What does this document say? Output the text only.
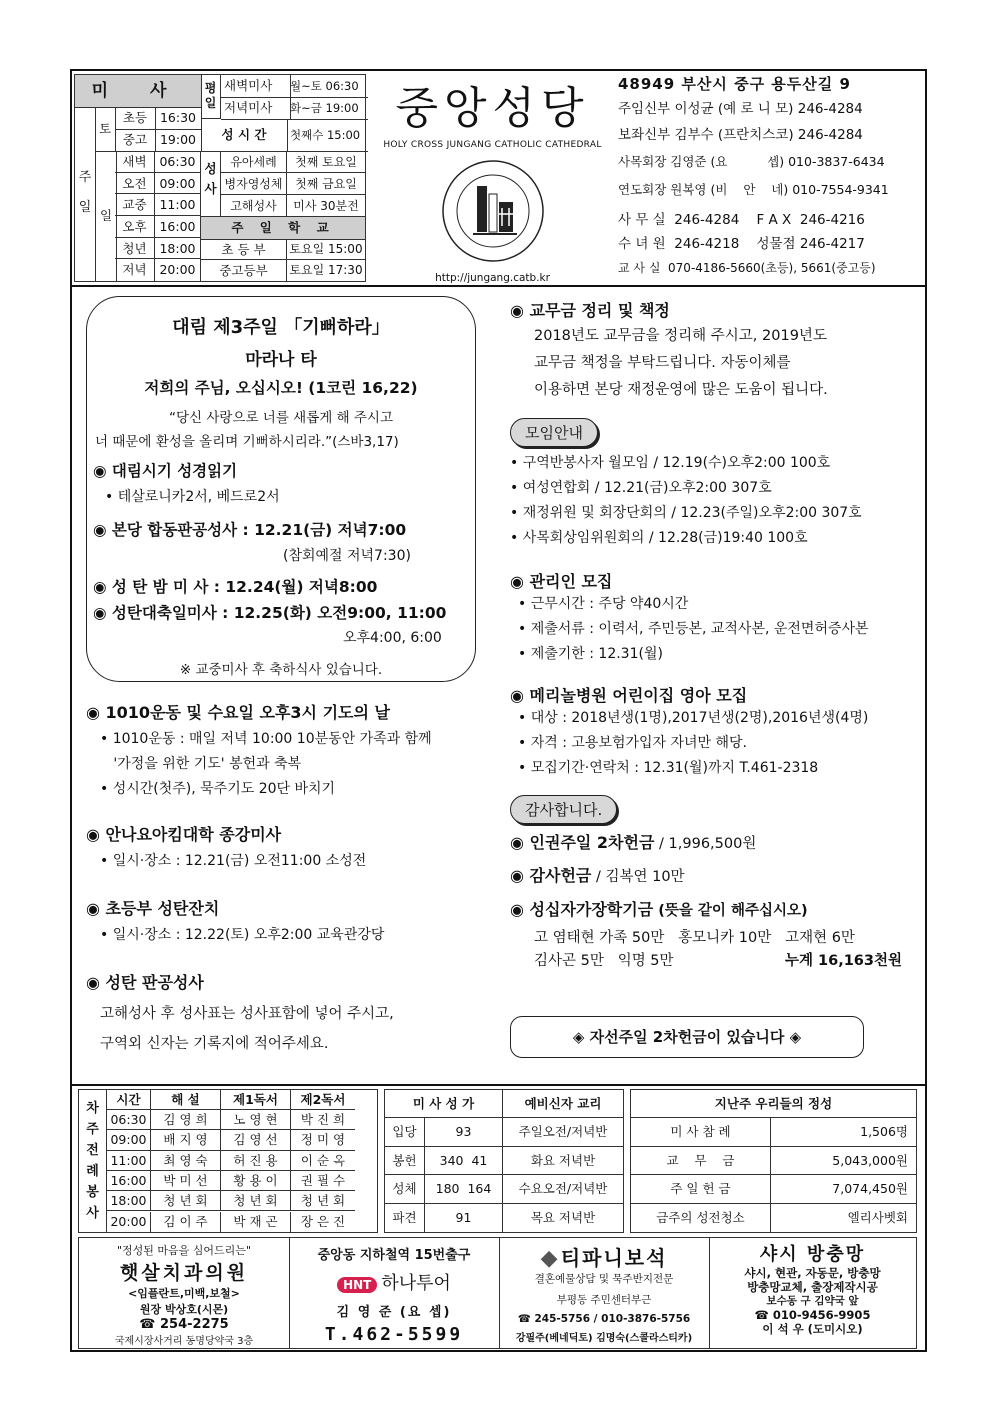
미 사
토
초등	16:30
중고	19:00
주 일
일
평 일
새벽미사	월~토 06:30
저녁미사	화~금 19:00
성 시 간	첫째수 15:00
성 사
주 일 학 교
새벽	06:30
오전	09:00
교중	11:00
오후	16:00
청년	18:00
저녁	20:00
유아세례	첫째 토요일
병자영성체	첫째 금요일
고해성사	미사 30분전
초 등 부	토요일 15:00
중고등부	토요일 17:30
중앙성당
HOLY CROSS JUNGANG CATHOLIC CATHEDRAL
http://jungang.catb.kr
48949 부산시 중구 용두산길 9
주임신부 이성균 (예 로 니 모) 246-4284
보좌신부 김부수 (프란치스코) 246-4284
사목회장 김영준 (요          셉) 010-3837-6434
연도회장 원복영 (비    안    네) 010-7554-9341
사 무 실  246-4284    F A X  246-4216
수 녀 원  246-4218    성물점 246-4217
교 사 실  070-4186-5660(초등), 5661(중고등)
대림 제3주일 「기뻐하라」
마라나 타
저희의 주님, 오십시오! (1코린 16,22)
“당신 사랑으로 너를 새롭게 해 주시고
너 때문에 환성을 올리며 기뻐하시리라.”(스바3,17)
◉ 대림시기 성경읽기
• 테살로니카2서, 베드로2서
◉ 본당 합동판공성사 : 12.21(금) 저녁7:00
(참회예절 저녁7:30)
◉ 성 탄 밤 미 사 : 12.24(월) 저녁8:00
◉ 성탄대축일미사 : 12.25(화) 오전9:00, 11:00
오후4:00, 6:00
※ 교중미사 후 축하식사 있습니다.
◉ 1010운동 및 수요일 오후3시 기도의 날
• 1010운동 : 매일 저녁 10:00 10분동안 가족과 함께
'가정을 위한 기도' 봉헌과 축복
• 성시간(첫주), 묵주기도 20단 바치기
◉ 안나요아킴대학 종강미사
• 일시·장소 : 12.21(금) 오전11:00 소성전
◉ 초등부 성탄잔치
• 일시·장소 : 12.22(토) 오후2:00 교육관강당
◉ 성탄 판공성사
고해성사 후 성사표는 성사표함에 넣어 주시고,
구역외 신자는 기록지에 적어주세요.
◉ 교무금 정리 및 책정
2018년도 교무금을 정리해 주시고, 2019년도
교무금 책정을 부탁드립니다. 자동이체를
이용하면 본당 재정운영에 많은 도움이 됩니다.
모임안내
• 구역반봉사자 월모임 / 12.19(수)오후2:00 100호
• 여성연합회 / 12.21(금)오후2:00 307호
• 재정위원 및 회장단회의 / 12.23(주일)오후2:00 307호
• 사목회상임위원회의 / 12.28(금)19:40 100호
◉ 관리인 모집
• 근무시간 : 주당 약40시간
• 제출서류 : 이력서, 주민등본, 교적사본, 운전면허증사본
• 제출기한 : 12.31(월)
◉ 메리놀병원 어린이집 영아 모집
• 대상 : 2018년생(1명),2017년생(2명),2016년생(4명)
• 자격 : 고용보험가입자 자녀만 해당.
• 모집기간·연락처 : 12.31(월)까지 T.461-2318
감사합니다.
◉ 인권주일 2차헌금 / 1,996,500원
◉ 감사헌금 / 김복연 10만
◉ 성십자가장학기금 (뜻을 같이 해주십시오)
고 염태현 가족 50만   홍모니카 10만   고재현 6만
김사곤 5만   익명 5만	누계 16,163천원
◈ 자선주일 2차헌금이 있습니다 ◈
차 주 전 례 봉 사
시간	해 설	제1독서	제2독서
06:30	김 영 희	노 영 현	박 진 희
09:00	배 지 영	김 영 선	정 미 영
11:00	최 영 숙	허 진 용	이 순 옥
16:00	박 미 선	황 용 이	권 필 수
18:00	청 년 회	청 년 회	청 년 회
20:00	김 이 주	박 재 곤	장 은 진
미 사 성 가	예비신자 교리
입당	93	주일오전/저녁반
봉헌	340  41	화요 저녁반
성체	180  164	수요오전/저녁반
파견	91	목요 저녁반
지난주 우리들의 정성
미 사 참 례	1,506명
교    무    금	5,043,000원
주 일 헌 금	7,074,450원
금주의 성전청소	엘리사벳회
"정성된 마음을 심어드리는"
햇살치과의원
<임플란트,미백,보철>
원장 박상호(시몬)
☎ 254-2275
국제시장사거리 동명당약국 3층
중앙동 지하철역 15번출구
HNT 하나투어
김 영 준 (요 셉)
T.462-5599
◆ 티파니보석
결혼예물상담 및 묵주반지전문
부평동 주민센터부근
☎ 245-5756 / 010-3876-5756
강필주(베네딕토) 김명숙(스콜라스티카)
샤시 방충망
샤시, 현관, 자동문, 방충망
방충망교체, 출장제작시공
보수동 구 김약국 앞
☎ 010-9456-9905
이 석 우 (도미시오)
